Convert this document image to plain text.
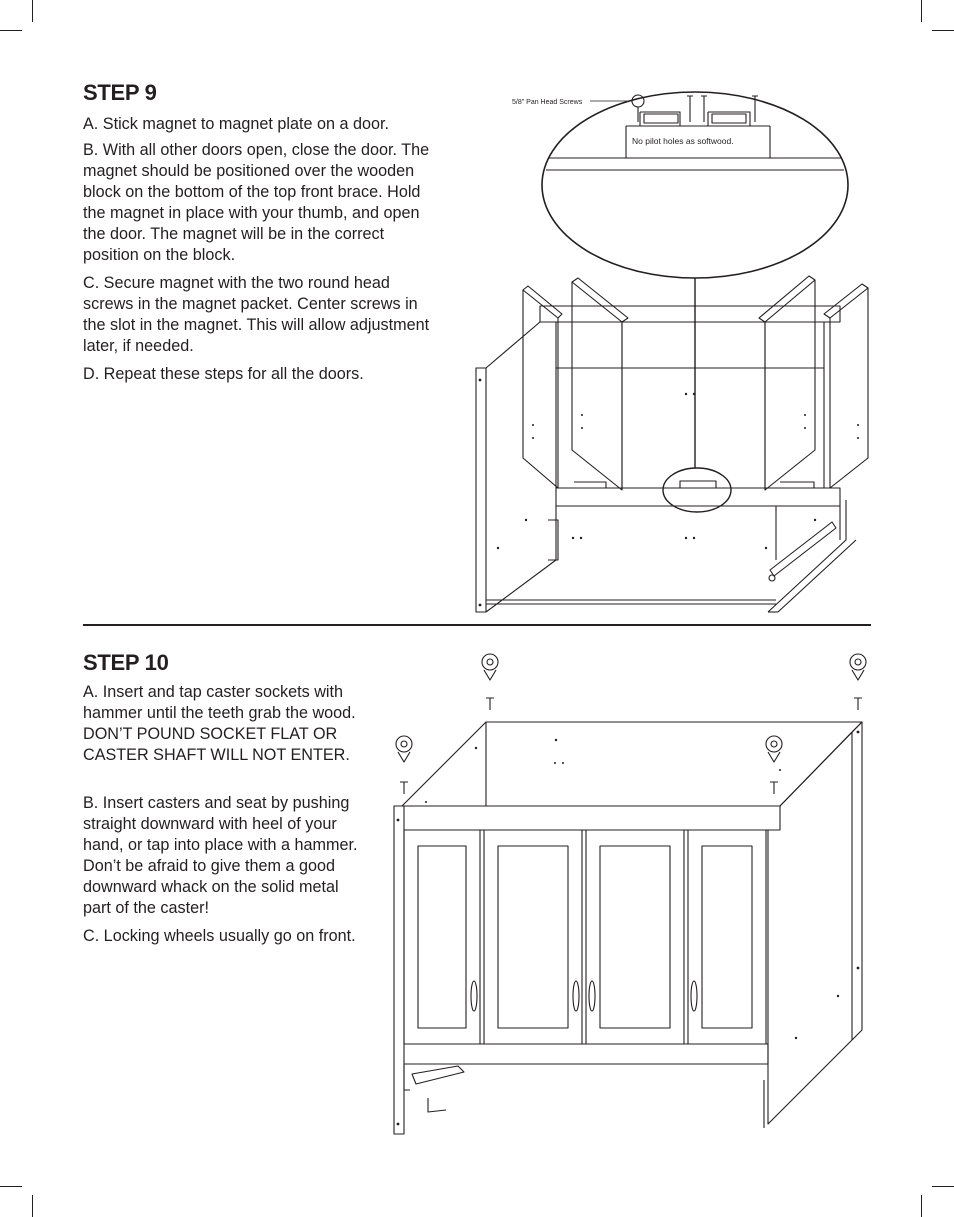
STEP 9

A. Stick magnet to magnet plate on a door.

B. With all other doors open, close the door. The magnet should be positioned over the wooden block on the bottom of the top front brace. Hold the magnet in place with your thumb, and open the door. The magnet will be in the correct position on the block.

C. Secure magnet with the two round head screws in the magnet packet. Center screws in the slot in the magnet. This will allow adjustment later, if needed.

D. Repeat these steps for all the doors.

STEP 10

A. Insert and tap caster sockets with hammer until the teeth grab the wood. DON’T POUND SOCKET FLAT OR CASTER SHAFT WILL NOT ENTER.

B. Insert casters and seat by pushing straight downward with heel of your hand, or tap into place with a hammer. Don’t be afraid to give them a good downward whack on the solid metal part of the caster!

C. Locking wheels usually go on front.

5/8" Pan Head Screws
No pilot holes as softwood.
